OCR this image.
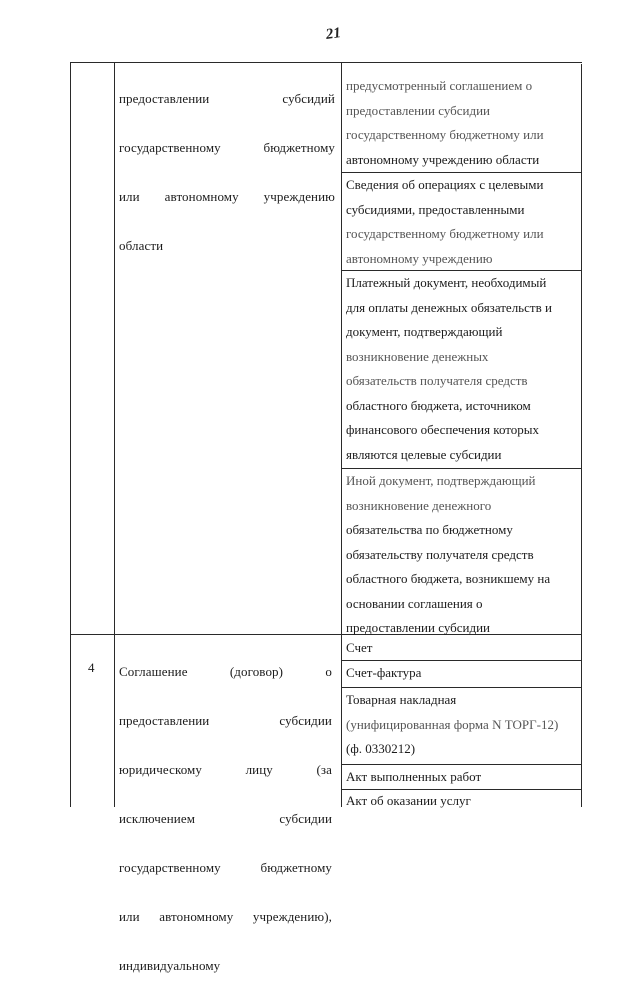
21

предоставлении субсидий

государственному бюджетному

или автономному учреждению

области

предусмотренный соглашением о
предоставлении субсидии
государственному бюджетному или
автономному учреждению области
Сведения об операциях с целевыми
субсидиями, предоставленными
государственному бюджетному или
автономному учреждению
Платежный документ, необходимый
для оплаты денежных обязательств и
документ, подтверждающий
возникновение денежных
обязательств получателя средств
областного бюджета, источником
финансового обеспечения которых
являются целевые субсидии
Иной документ, подтверждающий
возникновение денежного
обязательства по бюджетному
обязательству получателя средств
областного бюджета, возникшему на
основании соглашения о
предоставлении субсидии
4 Соглашение (договор) о

предоставлении субсидии

юридическому лицу (за

исключением субсидии

государственному бюджетному

или автономному учреждению),

индивидуальному

Счет
Счет-фактура
Товарная накладная
(унифицированная форма N ТОРГ-12)
(ф. 0330212)
Акт выполненных работ
Акт об оказании услуг
